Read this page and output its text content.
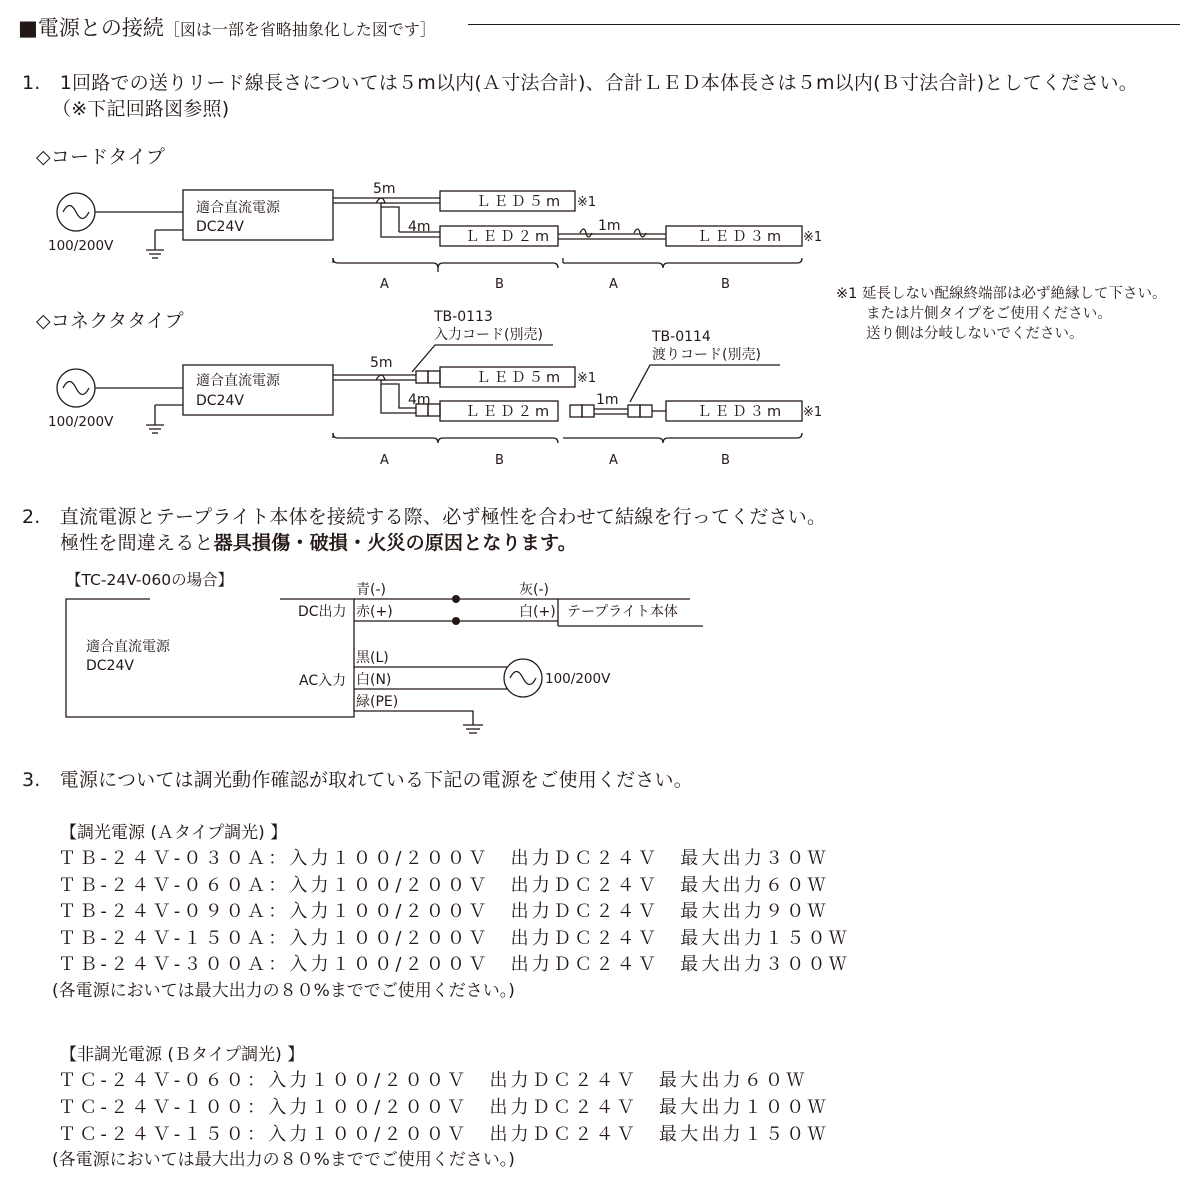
■電源との接続［図は一部を省略抽象化した図です］
1.　1回路での送りリード線長さについては５m以内(Ａ寸法合計)、合計ＬＥＤ本体長さは５m以内(Ｂ寸法合計)としてください。
（※下記回路図参照)
◇コードタイプ
◇コネクタタイプ
※1 延長しない配線終端部は必ず絶縁して下さい。
または片側タイプをご使用ください。
送り側は分岐しないでください。
2.　直流電源とテープライト本体を接続する際、必ず極性を合わせて結線を行ってください。
極性を間違えると器具損傷・破損・火災の原因となります。
3.　電源については調光動作確認が取れている下記の電源をご使用ください。
【調光電源 (Ａタイプ調光) 】
ＴＢ-２４Ｖ-０３０Ａ：入力１００/２００Ｖ　出力ＤＣ２４Ｖ　最大出力３０Ｗ
ＴＢ-２４Ｖ-０６０Ａ：入力１００/２００Ｖ　出力ＤＣ２４Ｖ　最大出力６０Ｗ
ＴＢ-２４Ｖ-０９０Ａ：入力１００/２００Ｖ　出力ＤＣ２４Ｖ　最大出力９０Ｗ
ＴＢ-２４Ｖ-１５０Ａ：入力１００/２００Ｖ　出力ＤＣ２４Ｖ　最大出力１５０Ｗ
ＴＢ-２４Ｖ-３００Ａ：入力１００/２００Ｖ　出力ＤＣ２４Ｖ　最大出力３００Ｗ
(各電源においては最大出力の８０%まででご使用ください。)
【非調光電源 (Ｂタイプ調光) 】
ＴＣ-２４Ｖ-０６０：入力１００/２００Ｖ　出力ＤＣ２４Ｖ　最大出力６０Ｗ
ＴＣ-２４Ｖ-１００：入力１００/２００Ｖ　出力ＤＣ２４Ｖ　最大出力１００Ｗ
ＴＣ-２４Ｖ-１５０：入力１００/２００Ｖ　出力ＤＣ２４Ｖ　最大出力１５０Ｗ
(各電源においては最大出力の８０%まででご使用ください。)
適合直流電源
DC24V
100/200V
5m
4m	1m
ＬＥＤ５m
ＬＥＤ２m	ＬＥＤ３m
※1
※1
A	B	A	B
適合直流電源
DC24V
100/200V
TB-0113
入力コード(別売)	TB-0114
渡りコード(別売)
5m
4m	1m
ＬＥＤ５m
ＬＥＤ２m	ＬＥＤ３m
※1
※1
A	B	A	B
【TC-24V-060の場合】
適合直流電源
DC24V
DC出力
AC入力
青(-)
赤(+)
灰(-)
白(+) テープライト本体
黒(L)
白(N)
緑(PE)
100/200V
